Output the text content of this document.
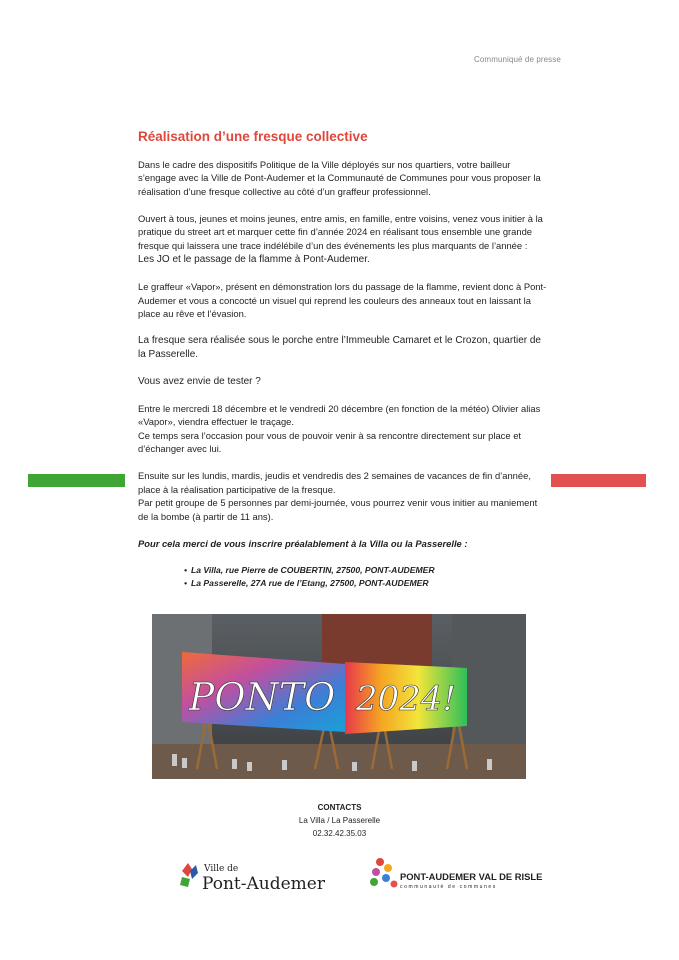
Communiqué de presse
Réalisation d’une fresque collective

Dans le cadre des dispositifs Politique de la Ville déployés sur nos quartiers, votre bailleur s’engage avec la Ville de Pont-Audemer et la Communauté de Communes pour vous proposer la réalisation d’une fresque collective au côté d’un graffeur professionnel.

Ouvert à tous, jeunes et moins jeunes, entre amis, en famille, entre voisins, venez vous initier à la pratique du street art et marquer cette fin d’année 2024 en réalisant tous ensemble une grande fresque qui laissera une trace indélébile d’un des événements les plus marquants de l’année :
Les JO et le passage de la flamme à Pont-Audemer.

Le graffeur «Vapor», présent en démonstration lors du passage de la flamme, revient donc à Pont-Audemer et vous a concocté un visuel qui reprend les couleurs des anneaux tout en laissant la place au rêve et l’évasion.

La fresque sera réalisée sous le porche entre l’Immeuble Camaret et le Crozon, quartier de la Passerelle.

Vous avez envie de tester ?

Entre le mercredi 18 décembre et le vendredi 20 décembre (en fonction de la météo) Olivier alias «Vapor», viendra effectuer le traçage.
Ce temps sera l’occasion pour vous de pouvoir venir à sa rencontre directement sur place et d’échanger avec lui.

Ensuite sur les lundis, mardis, jeudis et vendredis des 2 semaines de vacances de fin d’année, place à la réalisation participative de la fresque.
Par petit groupe de 5 personnes par demi-journée, vous pourrez venir vous initier au maniement de la bombe (à partir de 11 ans).

Pour cela merci de vous inscrire préalablement à la Villa ou la Passerelle :

• La Villa, rue Pierre de COUBERTIN, 27500, PONT-AUDEMER
• La Passerelle, 27A rue de l’Etang, 27500, PONT-AUDEMER
PONTO 2024!
CONTACTS
La Villa / La Passerelle
02.32.42.35.03
Ville de
Pont-Audemer	PONT-AUDEMER VAL DE RISLE
communauté de communes
